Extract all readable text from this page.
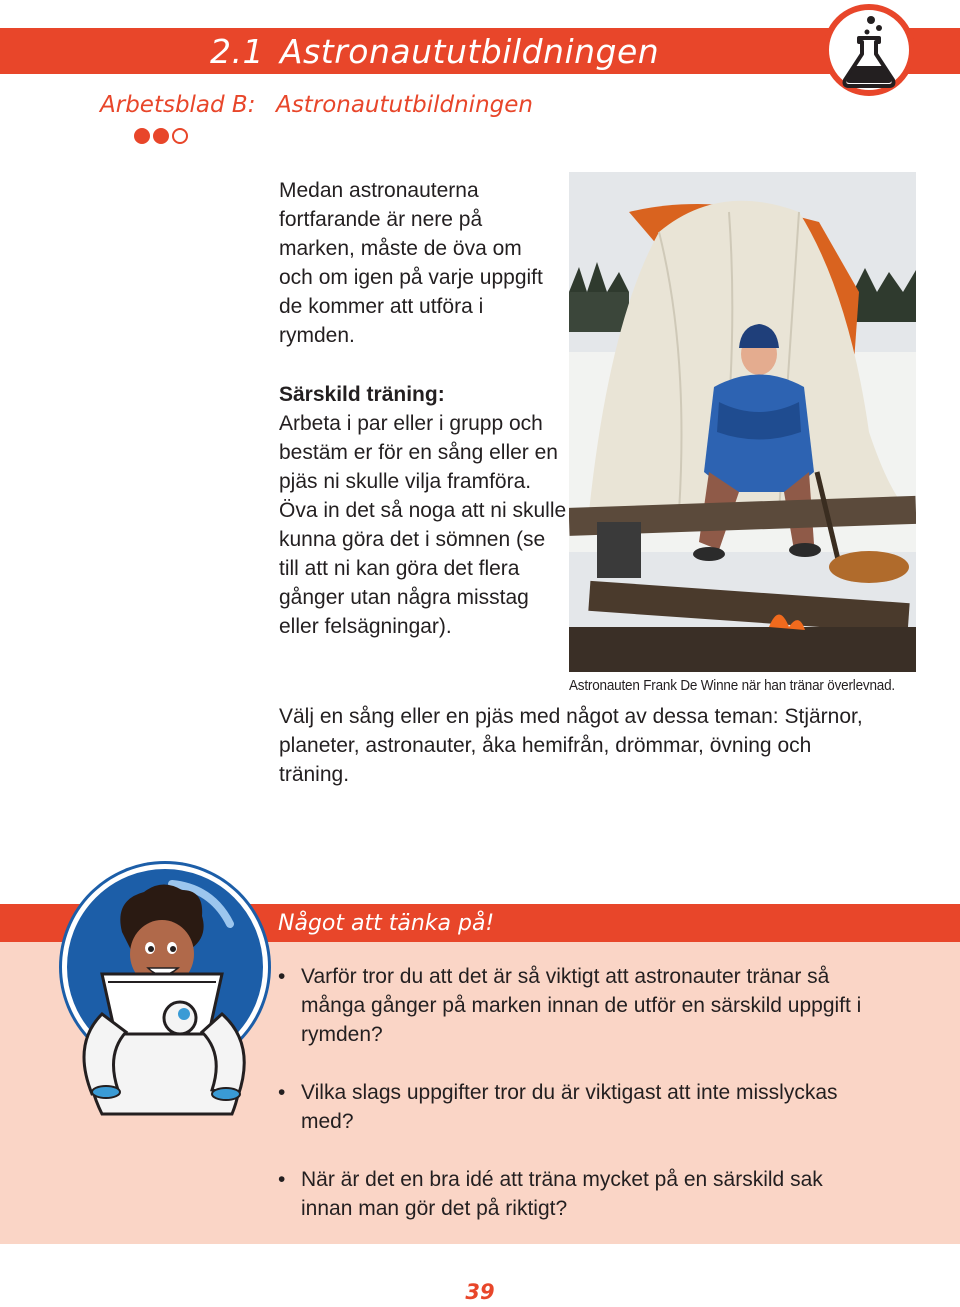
2.1 Astronaututbildningen
Arbetsblad B: Astronaututbildningen

Medan astronauterna fortfarande är nere på marken, måste de öva om och om igen på varje uppgift de kommer att utföra i rymden.

Särskild träning:
Arbeta i par eller i grupp och bestäm er för en sång eller en pjäs ni skulle vilja framföra. Öva in det så noga att ni skulle kunna göra det i sömnen (se till att ni kan göra det flera gånger utan några misstag eller felsägningar).
Astronauten Frank De Winne när han tränar överlevnad.

Välj en sång eller en pjäs med något av dessa teman: Stjärnor, planeter, astronauter, åka hemifrån, drömmar, övning och träning.

Något att tänka på!
• Varför tror du att det är så viktigt att astronauter tränar så många gånger på marken innan de utför en särskild uppgift i rymden?
• Vilka slags uppgifter tror du är viktigast att inte misslyckas med?
• När är det en bra idé att träna mycket på en särskild sak innan man gör det på riktigt?
39
